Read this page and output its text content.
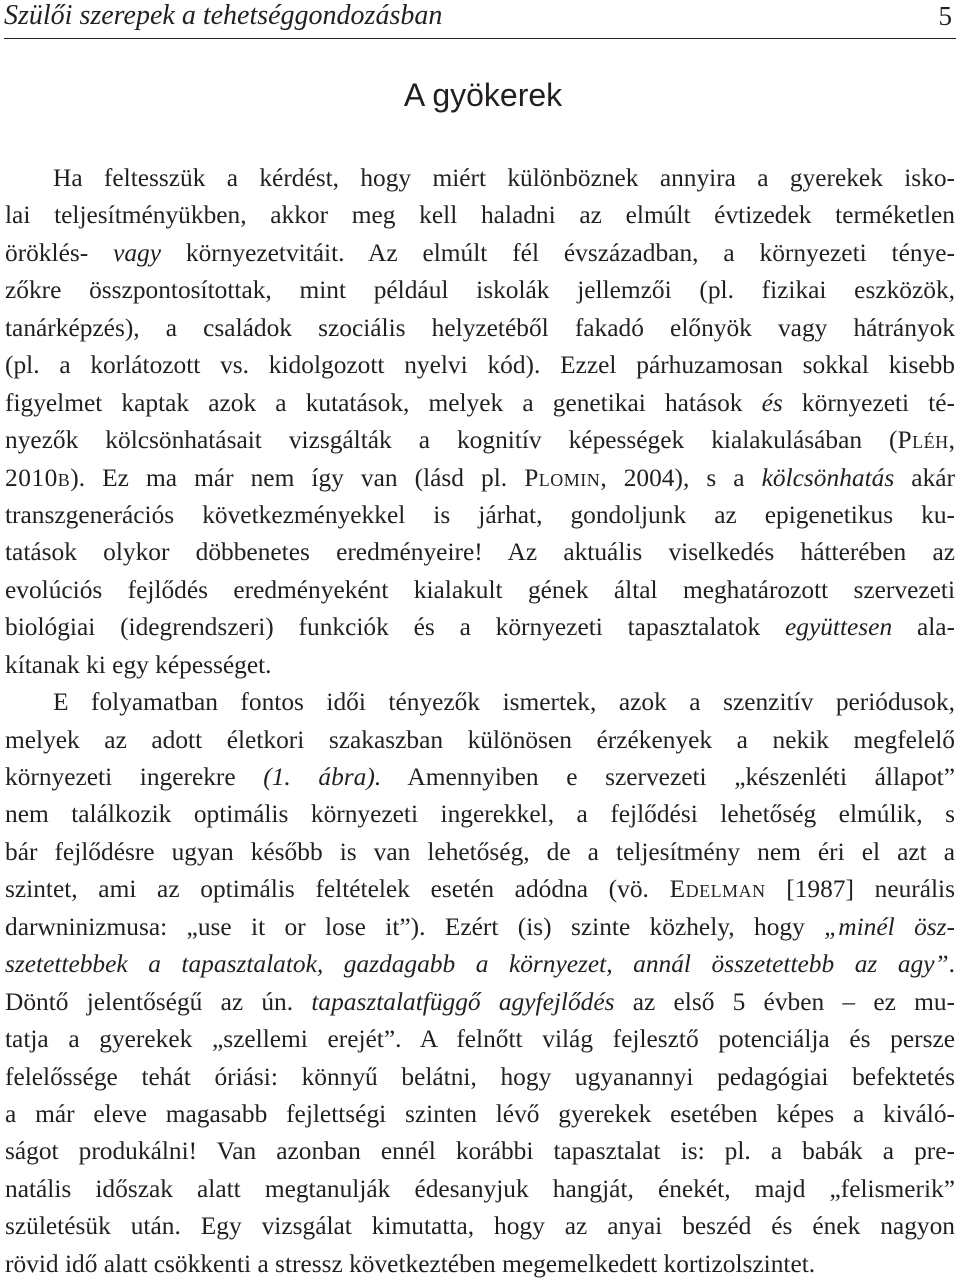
Szülői szerepek a tehetséggondozásban	5
A gyökerek
Ha feltesszük a kérdést, hogy miért különböznek annyira a gyerekek isko-
lai teljesítményükben, akkor meg kell haladni az elmúlt évtizedek terméketlen
öröklés- vagy környezetvitáit. Az elmúlt fél évszázadban, a környezeti ténye-
zőkre összpontosítottak, mint például iskolák jellemzői (pl. fizikai eszközök,
tanárképzés), a családok szociális helyzetéből fakadó előnyök vagy hátrányok
(pl. a korlátozott vs. kidolgozott nyelvi kód). Ezzel párhuzamosan sokkal kisebb
figyelmet kaptak azok a kutatások, melyek a genetikai hatások és környezeti té-
nyezők kölcsönhatásait vizsgálták a kognitív képességek kialakulásában (Pléh,
2010b). Ez ma már nem így van (lásd pl. Plomin, 2004), s a kölcsönhatás akár
transzgenerációs következményekkel is járhat, gondoljunk az epigenetikus ku-
tatások olykor döbbenetes eredményeire! Az aktuális viselkedés hátterében az
evolúciós fejlődés eredményeként kialakult gének által meghatározott szervezeti
biológiai (idegrendszeri) funkciók és a környezeti tapasztalatok együttesen ala-
kítanak ki egy képességet.
E folyamatban fontos idői tényezők ismertek, azok a szenzitív periódusok,
melyek az adott életkori szakaszban különösen érzékenyek a nekik megfelelő
környezeti ingerekre (1. ábra). Amennyiben e szervezeti „készenléti állapot”
nem találkozik optimális környezeti ingerekkel, a fejlődési lehetőség elmúlik, s
bár fejlődésre ugyan később is van lehetőség, de a teljesítmény nem éri el azt a
szintet, ami az optimális feltételek esetén adódna (vö. Edelman [1987] neurális
darwninizmusa: „use it or lose it”). Ezért (is) szinte közhely, hogy „minél ösz-
szetettebbek a tapasztalatok, gazdagabb a környezet, annál összetettebb az agy”.
Döntő jelentőségű az ún. tapasztalatfüggő agyfejlődés az első 5 évben – ez mu-
tatja a gyerekek „szellemi erejét”. A felnőtt világ fejlesztő potenciálja és persze
felelőssége tehát óriási: könnyű belátni, hogy ugyanannyi pedagógiai befektetés
a már eleve magasabb fejlettségi szinten lévő gyerekek esetében képes a kiváló-
ságot produkálni! Van azonban ennél korábbi tapasztalat is: pl. a babák a pre-
natális időszak alatt megtanulják édesanyjuk hangját, énekét, majd „felismerik”
születésük után. Egy vizsgálat kimutatta, hogy az anyai beszéd és ének nagyon
rövid idő alatt csökkenti a stressz következtében megemelkedett kortizolszintet.
